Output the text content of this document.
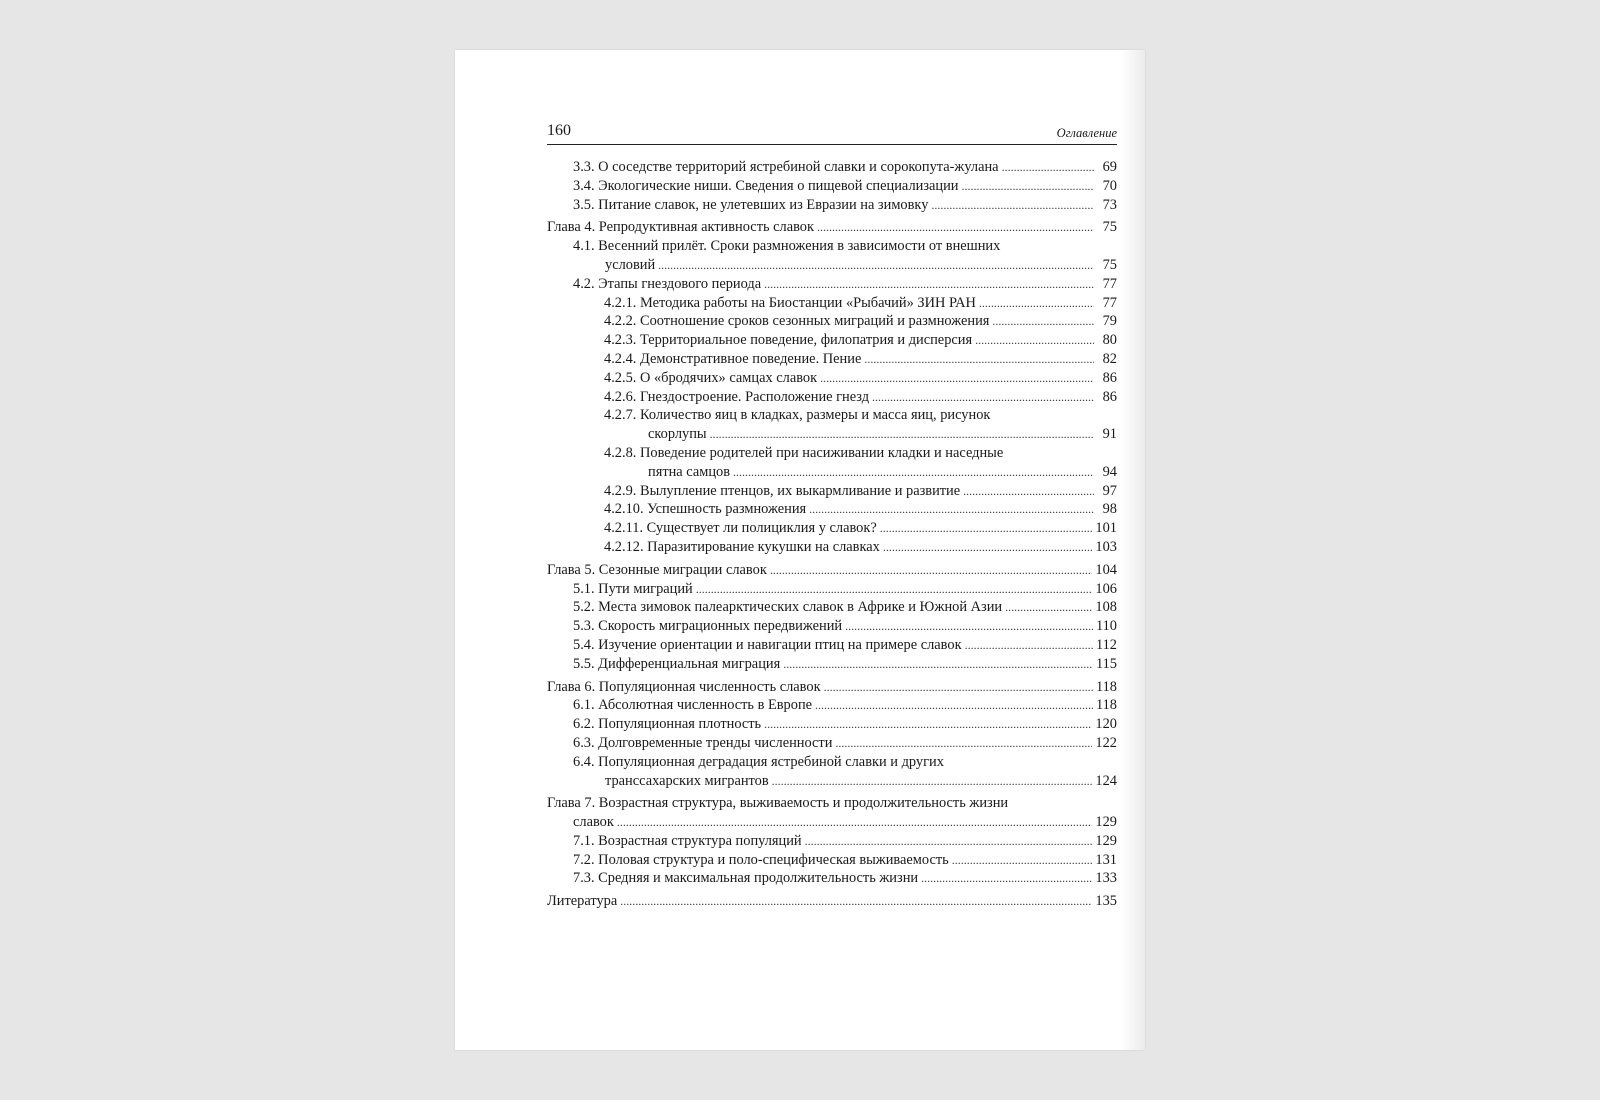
160	Оглавление
3.3. О соседстве территорий ястребиной славки и сорокопута-жулана .....	69
3.4. Экологические ниши. Сведения о пищевой специализации .....	70
3.5. Питание славок, не улетевших из Евразии на зимовку .....	73
Глава 4. Репродуктивная активность славок .....	75
4.1. Весенний прилёт. Сроки размножения в зависимости от внешних
условий .....	75
4.2. Этапы гнездового периода .....	77
4.2.1. Методика работы на Биостанции «Рыбачий» ЗИН РАН .....	77
4.2.2. Соотношение сроков сезонных миграций и размножения .....	79
4.2.3. Территориальное поведение, филопатрия и дисперсия .....	80
4.2.4. Демонстративное поведение. Пение .....	82
4.2.5. О «бродячих» самцах славок .....	86
4.2.6. Гнездостроение. Расположение гнезд .....	86
4.2.7. Количество яиц в кладках, размеры и масса яиц, рисунок
скорлупы .....	91
4.2.8. Поведение родителей при насиживании кладки и наседные
пятна самцов .....	94
4.2.9. Вылупление птенцов, их выкармливание и развитие .....	97
4.2.10. Успешность размножения .....	98
4.2.11. Существует ли полициклия у славок? .....	101
4.2.12. Паразитирование кукушки на славках .....	103
Глава 5. Сезонные миграции славок .....	104
5.1. Пути миграций .....	106
5.2. Места зимовок палеарктических славок в Африке и Южной Азии .....	108
5.3. Скорость миграционных передвижений .....	110
5.4. Изучение ориентации и навигации птиц на примере славок .....	112
5.5. Дифференциальная миграция .....	115
Глава 6. Популяционная численность славок .....	118
6.1. Абсолютная численность в Европе .....	118
6.2. Популяционная плотность .....	120
6.3. Долговременные тренды численности .....	122
6.4. Популяционная деградация ястребиной славки и других
транссахарских мигрантов .....	124
Глава 7. Возрастная структура, выживаемость и продолжительность жизни
славок .....	129
7.1. Возрастная структура популяций .....	129
7.2. Половая структура и поло-специфическая выживаемость .....	131
7.3. Средняя и максимальная продолжительность жизни .....	133
Литература .....	135
